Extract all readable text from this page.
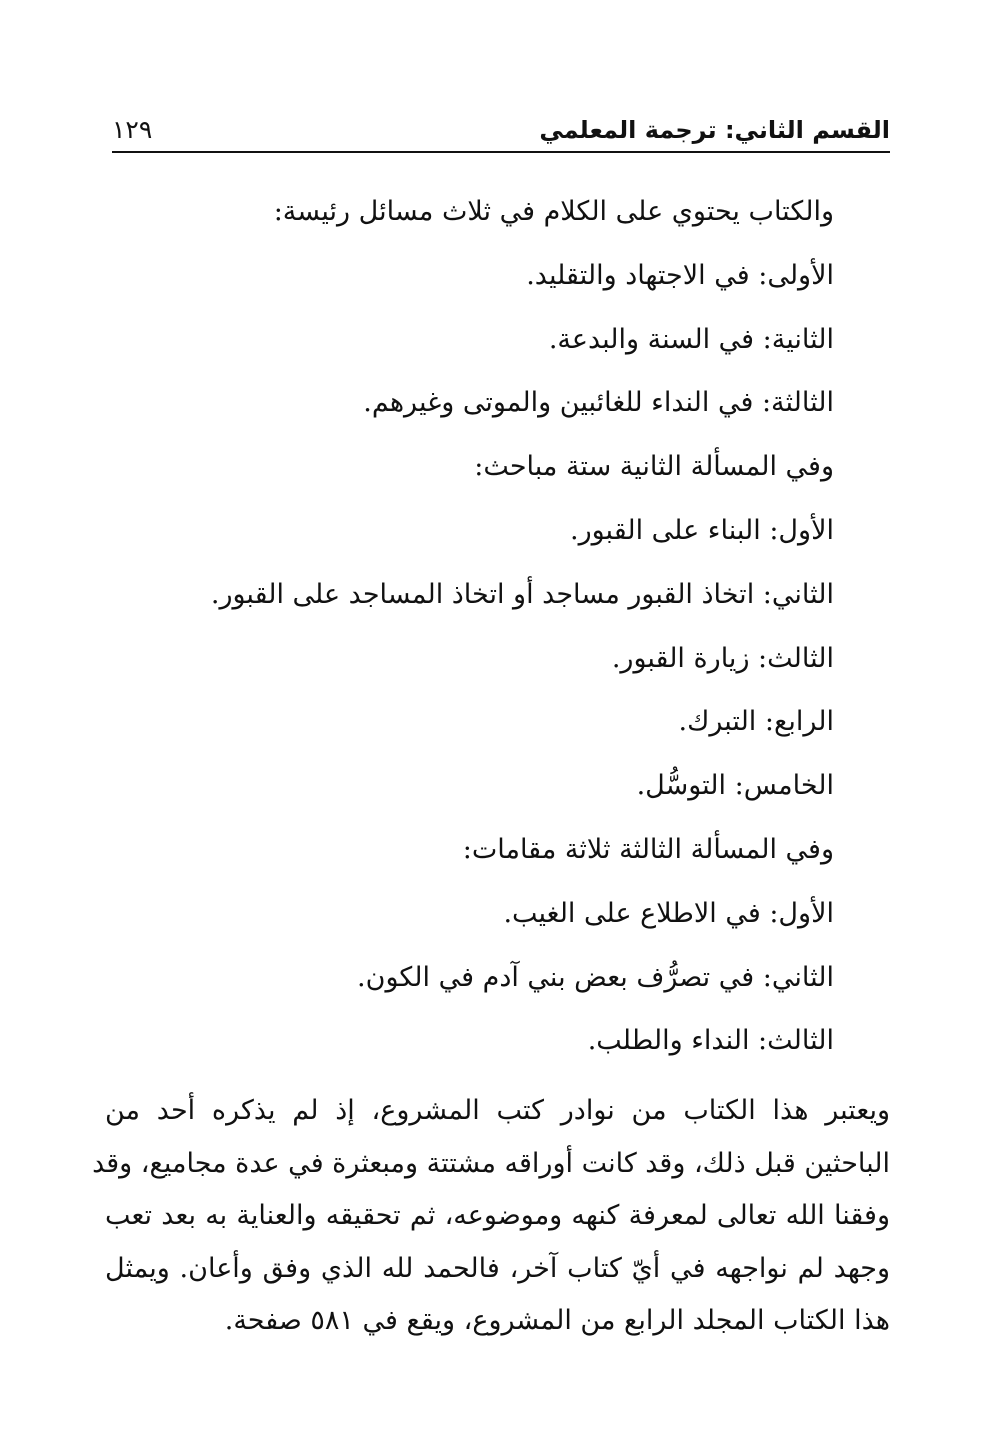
القسم الثاني: ترجمة المعلمي
١٢٩
والكتاب يحتوي على الكلام في ثلاث مسائل رئيسة:
الأولى: في الاجتهاد والتقليد.
الثانية: في السنة والبدعة.
الثالثة: في النداء للغائبين والموتى وغيرهم.
وفي المسألة الثانية ستة مباحث:
الأول: البناء على القبور.
الثاني: اتخاذ القبور مساجد أو اتخاذ المساجد على القبور.
الثالث: زيارة القبور.
الرابع: التبرك.
الخامس: التوسُّل.
وفي المسألة الثالثة ثلاثة مقامات:
الأول: في الاطلاع على الغيب.
الثاني: في تصرُّف بعض بني آدم في الكون.
الثالث: النداء والطلب.
ويعتبر هذا الكتاب من نوادر كتب المشروع، إذ لم يذكره أحد من
الباحثين قبل ذلك، وقد كانت أوراقه مشتتة ومبعثرة في عدة مجاميع، وقد
وفقنا الله تعالى لمعرفة كنهه وموضوعه، ثم تحقيقه والعناية به بعد تعب
وجهد لم نواجهه في أيّ كتاب آخر، فالحمد لله الذي وفق وأعان. ويمثل
هذا الكتاب المجلد الرابع من المشروع، ويقع في ٥٨١ صفحة.
